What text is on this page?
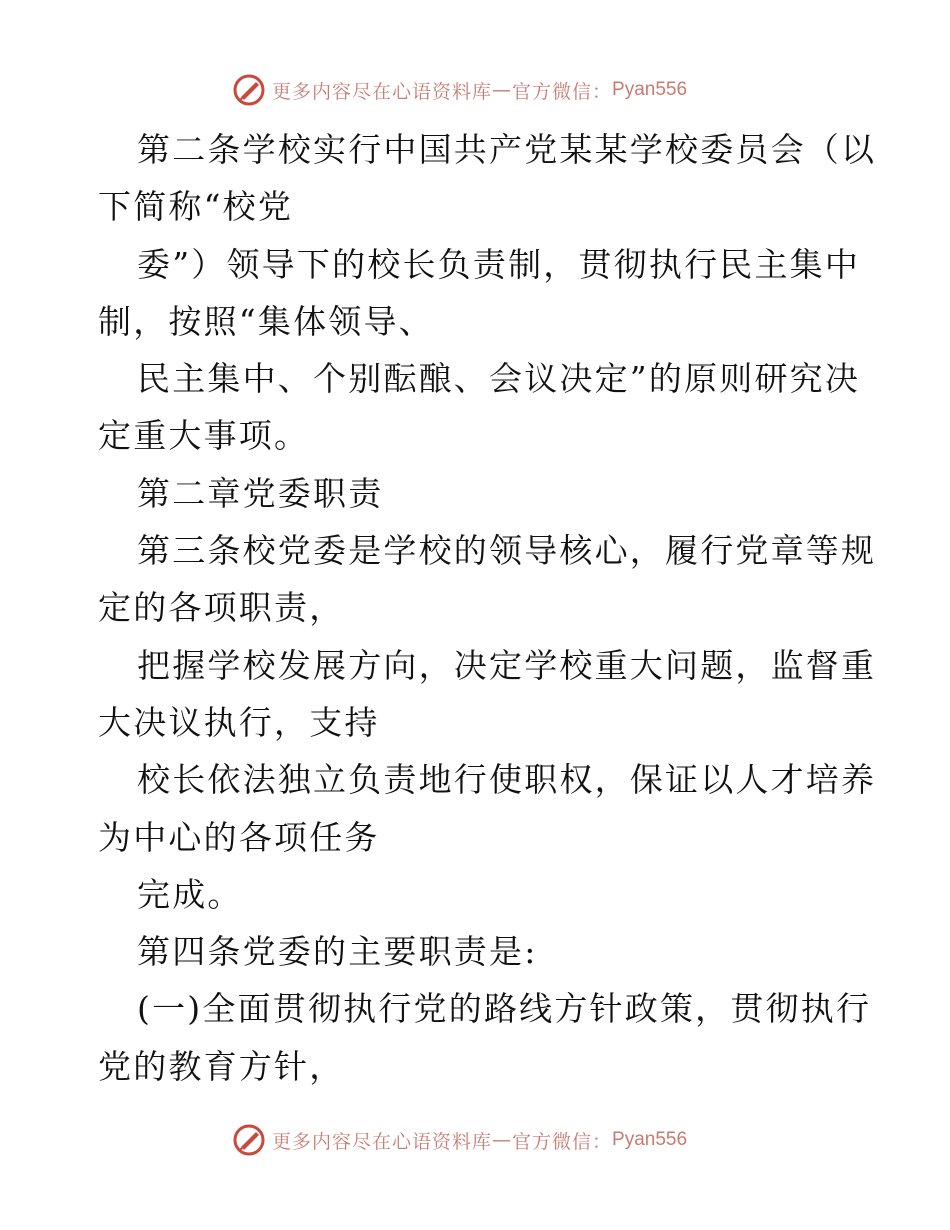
更多内容尽在心语资料库 — 官方微信： Pyan556
第二条学校实行中国共产党某某学校委员会（以
下简称“校党
委”）领导下的校长负责制，贯彻执行民主集中
制，按照“集体领导、
民主集中、个别酝酿、会议决定”的原则研究决
定重大事项。
第二章党委职责
第三条校党委是学校的领导核心，履行党章等规
定的各项职责，
把握学校发展方向，决定学校重大问题，监督重
大决议执行，支持
校长依法独立负责地行使职权，保证以人才培养
为中心的各项任务
完成。
第四条党委的主要职责是:
(一)全面贯彻执行党的路线方针政策，贯彻执行
党的教育方针，
更多内容尽在心语资料库 — 官方微信： Pyan556
